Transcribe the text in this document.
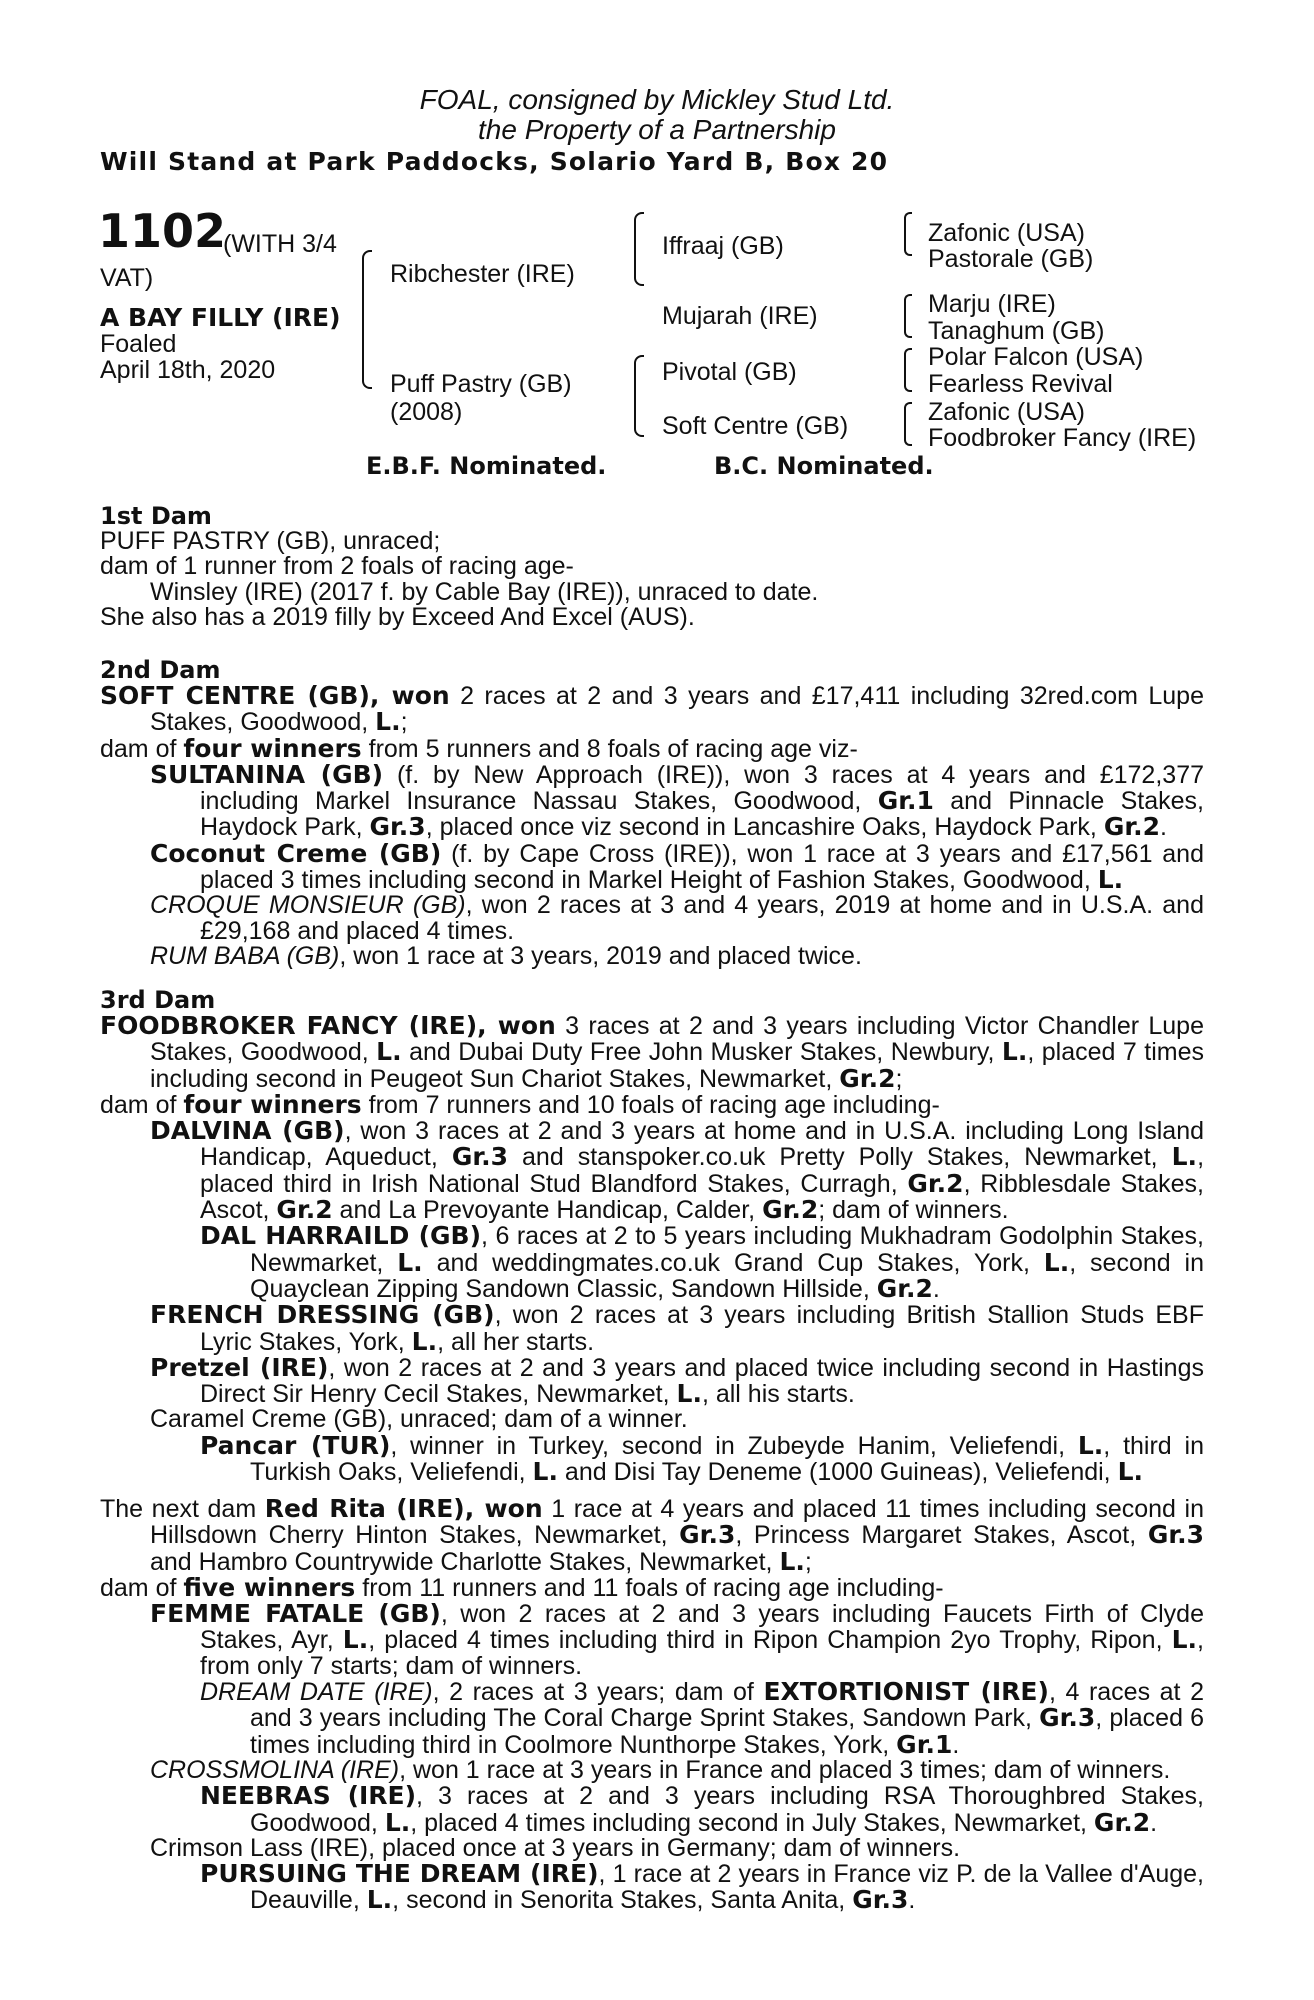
FOAL, consigned by Mickley Stud Ltd.
the Property of a Partnership
Will Stand at Park Paddocks, Solario Yard B, Box 20
1102
(WITH 3/4
VAT)
A BAY FILLY (IRE)
Foaled
April 18th, 2020
Ribchester (IRE)
Puff Pastry (GB)
(2008)
Iffraaj (GB)
Mujarah (IRE)
Pivotal (GB)
Soft Centre (GB)
Zafonic (USA)
Pastorale (GB)
Marju (IRE)
Tanaghum (GB)
Polar Falcon (USA)
Fearless Revival
Zafonic (USA)
Foodbroker Fancy (IRE)
E.B.F. Nominated.	B.C. Nominated.
1st Dam

PUFF PASTRY (GB), unraced;

dam of 1 runner from 2 foals of racing age-

Winsley (IRE) (2017 f. by Cable Bay (IRE)), unraced to date.

She also has a 2019 filly by Exceed And Excel (AUS).

2nd Dam

SOFT CENTRE (GB), won 2 races at 2 and 3 years and £17,411 including 32red.com Lupe Stakes, Goodwood, L.;

dam of four winners from 5 runners and 8 foals of racing age viz-

SULTANINA (GB) (f. by New Approach (IRE)), won 3 races at 4 years and £172,377 including Markel Insurance Nassau Stakes, Goodwood, Gr.1 and Pinnacle Stakes, Haydock Park, Gr.3, placed once viz second in Lancashire Oaks, Haydock Park, Gr.2.

Coconut Creme (GB) (f. by Cape Cross (IRE)), won 1 race at 3 years and £17,561 and placed 3 times including second in Markel Height of Fashion Stakes, Goodwood, L.

CROQUE MONSIEUR (GB), won 2 races at 3 and 4 years, 2019 at home and in U.S.A. and £29,168 and placed 4 times.

RUM BABA (GB), won 1 race at 3 years, 2019 and placed twice.

3rd Dam

FOODBROKER FANCY (IRE), won 3 races at 2 and 3 years including Victor Chandler Lupe Stakes, Goodwood, L. and Dubai Duty Free John Musker Stakes, Newbury, L., placed 7 times including second in Peugeot Sun Chariot Stakes, Newmarket, Gr.2;

dam of four winners from 7 runners and 10 foals of racing age including-

DALVINA (GB), won 3 races at 2 and 3 years at home and in U.S.A. including Long Island Handicap, Aqueduct, Gr.3 and stanspoker.co.uk Pretty Polly Stakes, Newmarket, L., placed third in Irish National Stud Blandford Stakes, Curragh, Gr.2, Ribblesdale Stakes, Ascot, Gr.2 and La Prevoyante Handicap, Calder, Gr.2; dam of winners.

DAL HARRAILD (GB), 6 races at 2 to 5 years including Mukhadram Godolphin Stakes, Newmarket, L. and weddingmates.co.uk Grand Cup Stakes, York, L., second in Quayclean Zipping Sandown Classic, Sandown Hillside, Gr.2.

FRENCH DRESSING (GB), won 2 races at 3 years including British Stallion Studs EBF Lyric Stakes, York, L., all her starts.

Pretzel (IRE), won 2 races at 2 and 3 years and placed twice including second in Hastings Direct Sir Henry Cecil Stakes, Newmarket, L., all his starts.

Caramel Creme (GB), unraced; dam of a winner.

Pancar (TUR), winner in Turkey, second in Zubeyde Hanim, Veliefendi, L., third in Turkish Oaks, Veliefendi, L. and Disi Tay Deneme (1000 Guineas), Veliefendi, L.

The next dam Red Rita (IRE), won 1 race at 4 years and placed 11 times including second in Hillsdown Cherry Hinton Stakes, Newmarket, Gr.3, Princess Margaret Stakes, Ascot, Gr.3 and Hambro Countrywide Charlotte Stakes, Newmarket, L.;

dam of five winners from 11 runners and 11 foals of racing age including-

FEMME FATALE (GB), won 2 races at 2 and 3 years including Faucets Firth of Clyde Stakes, Ayr, L., placed 4 times including third in Ripon Champion 2yo Trophy, Ripon, L., from only 7 starts; dam of winners.

DREAM DATE (IRE), 2 races at 3 years; dam of EXTORTIONIST (IRE), 4 races at 2 and 3 years including The Coral Charge Sprint Stakes, Sandown Park, Gr.3, placed 6 times including third in Coolmore Nunthorpe Stakes, York, Gr.1.

CROSSMOLINA (IRE), won 1 race at 3 years in France and placed 3 times; dam of winners.

NEEBRAS (IRE), 3 races at 2 and 3 years including RSA Thoroughbred Stakes, Goodwood, L., placed 4 times including second in July Stakes, Newmarket, Gr.2.

Crimson Lass (IRE), placed once at 3 years in Germany; dam of winners.

PURSUING THE DREAM (IRE), 1 race at 2 years in France viz P. de la Vallee d'Auge, Deauville, L., second in Senorita Stakes, Santa Anita, Gr.3.
